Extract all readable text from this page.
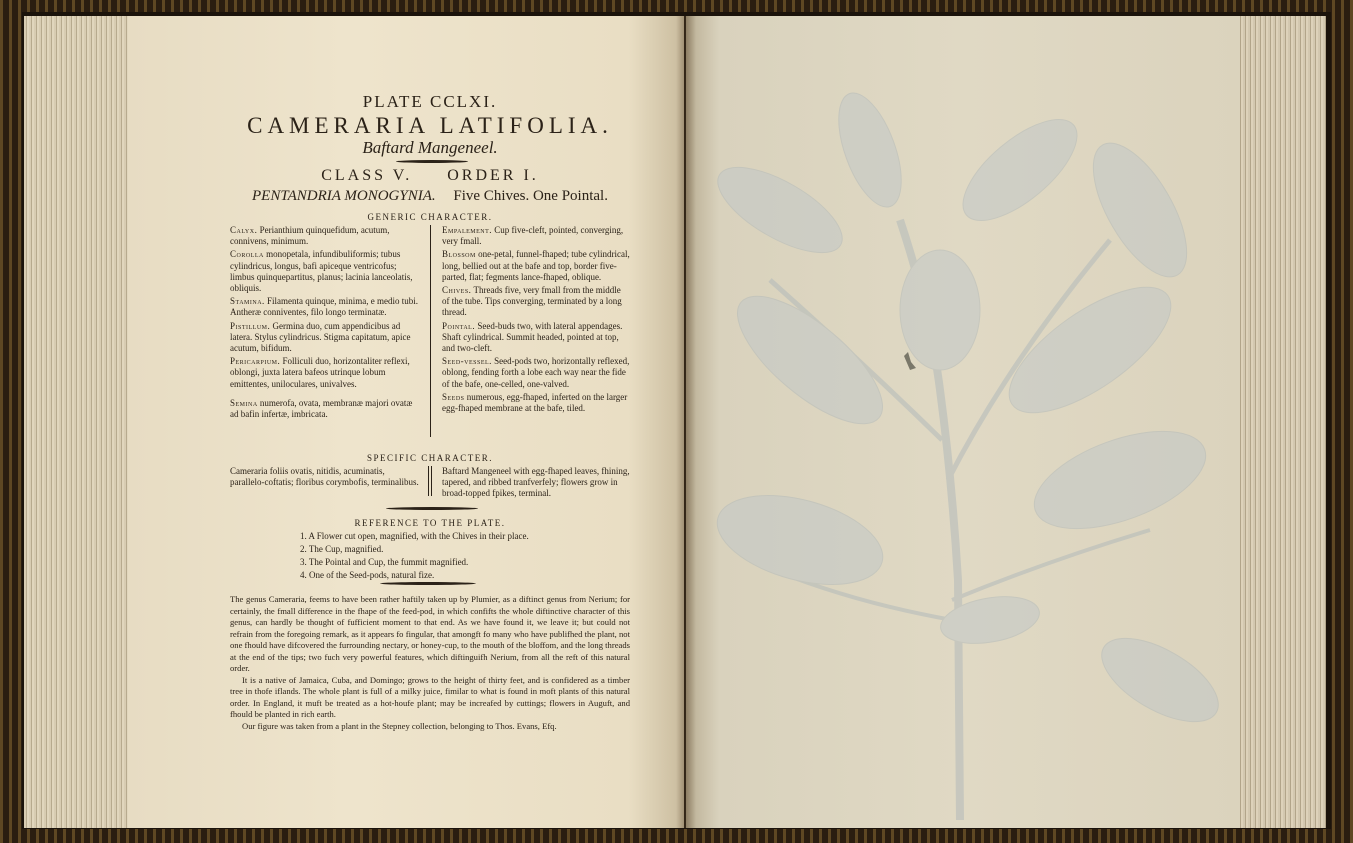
PLATE CCLXI.
CAMERARIA LATIFOLIA.
Baftard Mangeneel.
CLASS V. ORDER I.
PENTANDRIA MONOGYNIA. Five Chives. One Pointal.
GENERIC CHARACTER.
Calyx. Perianthium quinquefidum, acutum, connivens, minimum.
Corolla monopetala, infundibuliformis; tubus cylindricus, longus, bafi apiceque ventricofus; limbus quinquepartitus, planus; lacinia lanceolatis, obliquis.
Stamina. Filamenta quinque, minima, e medio tubi. Antheræ conniventes, filo longo terminatæ.
Pistillum. Germina duo, cum appendicibus ad latera. Stylus cylindricus. Stigma capitatum, apice acutum, bifidum.
Pericarpium. Folliculi duo, horizontaliter reflexi, oblongi, juxta latera bafeos utrinque lobum emittentes, uniloculares, univalves.
Semina numerofa, ovata, membranæ majori ovatæ ad bafin infertæ, imbricata.
Empalement. Cup five-cleft, pointed, converging, very fmall.
Blossom one-petal, funnel-fhaped; tube cylindrical, long, bellied out at the bafe and top, border five-parted, flat; fegments lance-fhaped, oblique.
Chives. Threads five, very fmall from the middle of the tube. Tips converging, terminated by a long thread.
Pointal. Seed-buds two, with lateral appendages. Shaft cylindrical. Summit headed, pointed at top, and two-cleft.
Seed-vessel. Seed-pods two, horizontally reflexed, oblong, fending forth a lobe each way near the fide of the bafe, one-celled, one-valved.
Seeds numerous, egg-fhaped, inferted on the larger egg-fhaped membrane at the bafe, tiled.
SPECIFIC CHARACTER.
Cameraria foliis ovatis, nitidis, acuminatis, parallelo-coftatis; floribus corymbofis, terminalibus.
Baftard Mangeneel with egg-fhaped leaves, fhining, tapered, and ribbed tranfverfely; flowers grow in broad-topped fpikes, terminal.
REFERENCE TO THE PLATE.
1. A Flower cut open, magnified, with the Chives in their place.
2. The Cup, magnified.
3. The Pointal and Cup, the fummit magnified.
4. One of the Seed-pods, natural fize.

The genus Cameraria, feems to have been rather haftily taken up by Plumier, as a diftinct genus from Nerium; for certainly, the fmall difference in the fhape of the feed-pod, in which confifts the whole diftinctive character of this genus, can hardly be thought of fufficient moment to that end. As we have found it, we leave it; but could not refrain from the foregoing remark, as it appears fo fingular, that amongft fo many who have publifhed the plant, not one fhould have difcovered the furrounding nectary, or honey-cup, to the mouth of the bloffom, and the long threads at the end of the tips; two fuch very powerful features, which diftinguifh Nerium, from all the reft of this natural order.

It is a native of Jamaica, Cuba, and Domingo; grows to the height of thirty feet, and is confidered as a timber tree in thofe iflands. The whole plant is full of a milky juice, fimilar to what is found in moft plants of this natural order. In England, it muft be treated as a hot-houfe plant; may be increafed by cuttings; flowers in Auguft, and fhould be planted in rich earth.

Our figure was taken from a plant in the Stepney collection, belonging to Thos. Evans, Efq.
